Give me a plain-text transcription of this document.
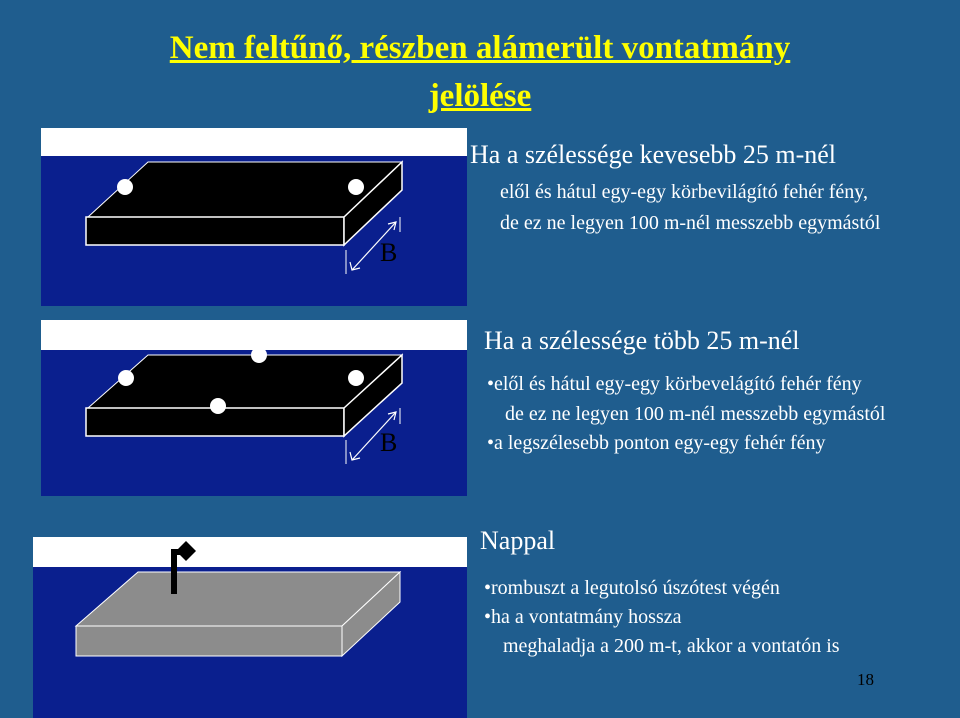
Nem feltűnő, részben alámerült vontatmány
jelölése
B
Ha a szélessége kevesebb 25 m-nél
elől és hátul egy-egy körbevilágító fehér fény,
de ez ne legyen 100 m-nél messzebb egymástól
B
Ha a szélessége több 25 m-nél
•elől és hátul egy-egy körbevelágító fehér fény
de ez ne legyen 100 m-nél messzebb egymástól
•a legszélesebb ponton egy-egy fehér fény
Nappal
•rombuszt a legutolsó úszótest végén
•ha a vontatmány hossza
meghaladja a 200 m-t, akkor a vontatón is
18
